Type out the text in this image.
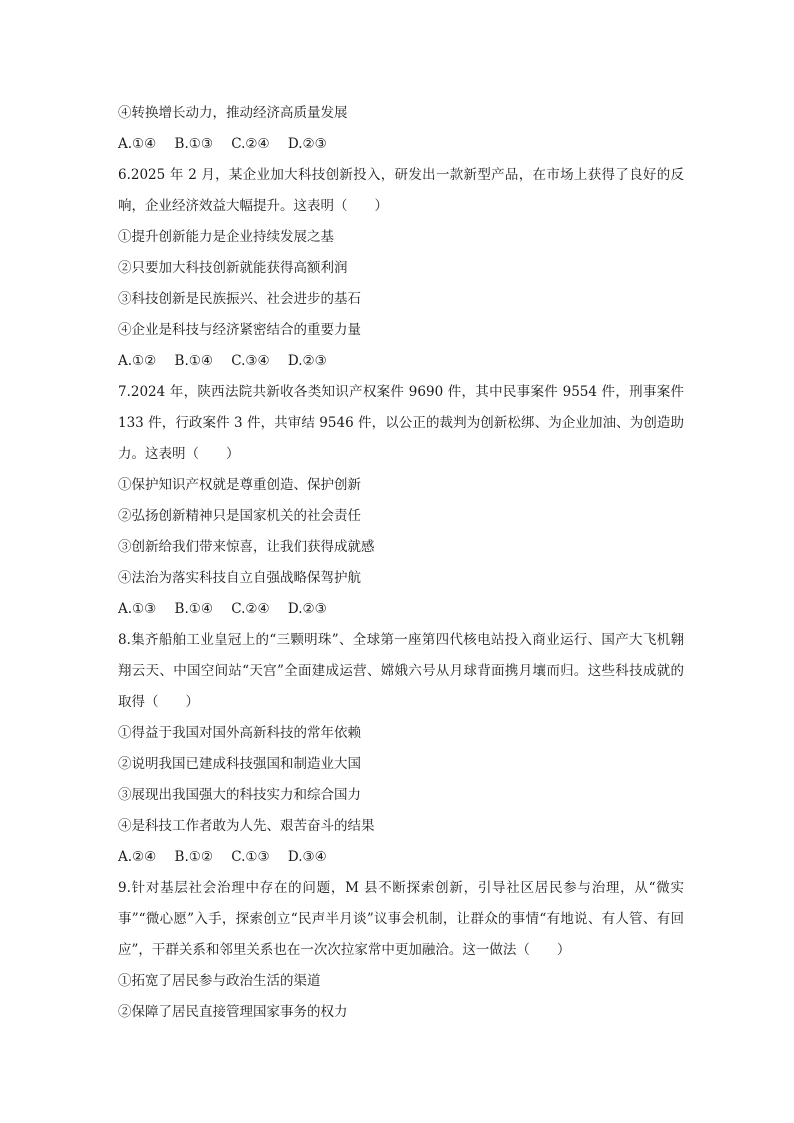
④转换增长动力，推动经济高质量发展
A.①④ B.①③ C.②④ D.②③
6.2025 年 2 月，某企业加大科技创新投入，研发出一款新型产品，在市场上获得了良好的反响，企业经济效益大幅提升。这表明（　　）
①提升创新能力是企业持续发展之基
②只要加大科技创新就能获得高额利润
③科技创新是民族振兴、社会进步的基石
④企业是科技与经济紧密结合的重要力量
A.①② B.①④ C.③④ D.②③
7.2024 年，陕西法院共新收各类知识产权案件 9690 件，其中民事案件 9554 件，刑事案件 133 件，行政案件 3 件，共审结 9546 件，以公正的裁判为创新松绑、为企业加油、为创造助力。这表明（　　）
①保护知识产权就是尊重创造、保护创新
②弘扬创新精神只是国家机关的社会责任
③创新给我们带来惊喜，让我们获得成就感
④法治为落实科技自立自强战略保驾护航
A.①③ B.①④ C.②④ D.②③
8.集齐船舶工业皇冠上的“三颗明珠”、全球第一座第四代核电站投入商业运行、国产大飞机翱翔云天、中国空间站“天宫”全面建成运营、嫦娥六号从月球背面携月壤而归。这些科技成就的取得（　　）
①得益于我国对国外高新科技的常年依赖
②说明我国已建成科技强国和制造业大国
③展现出我国强大的科技实力和综合国力
④是科技工作者敢为人先、艰苦奋斗的结果
A.②④ B.①② C.①③ D.③④
9.针对基层社会治理中存在的问题，M 县不断探索创新，引导社区居民参与治理，从“微实事”“微心愿”入手，探索创立“民声半月谈”议事会机制，让群众的事情“有地说、有人管、有回应”，干群关系和邻里关系也在一次次拉家常中更加融洽。这一做法（　　）
①拓宽了居民参与政治生活的渠道
②保障了居民直接管理国家事务的权力
